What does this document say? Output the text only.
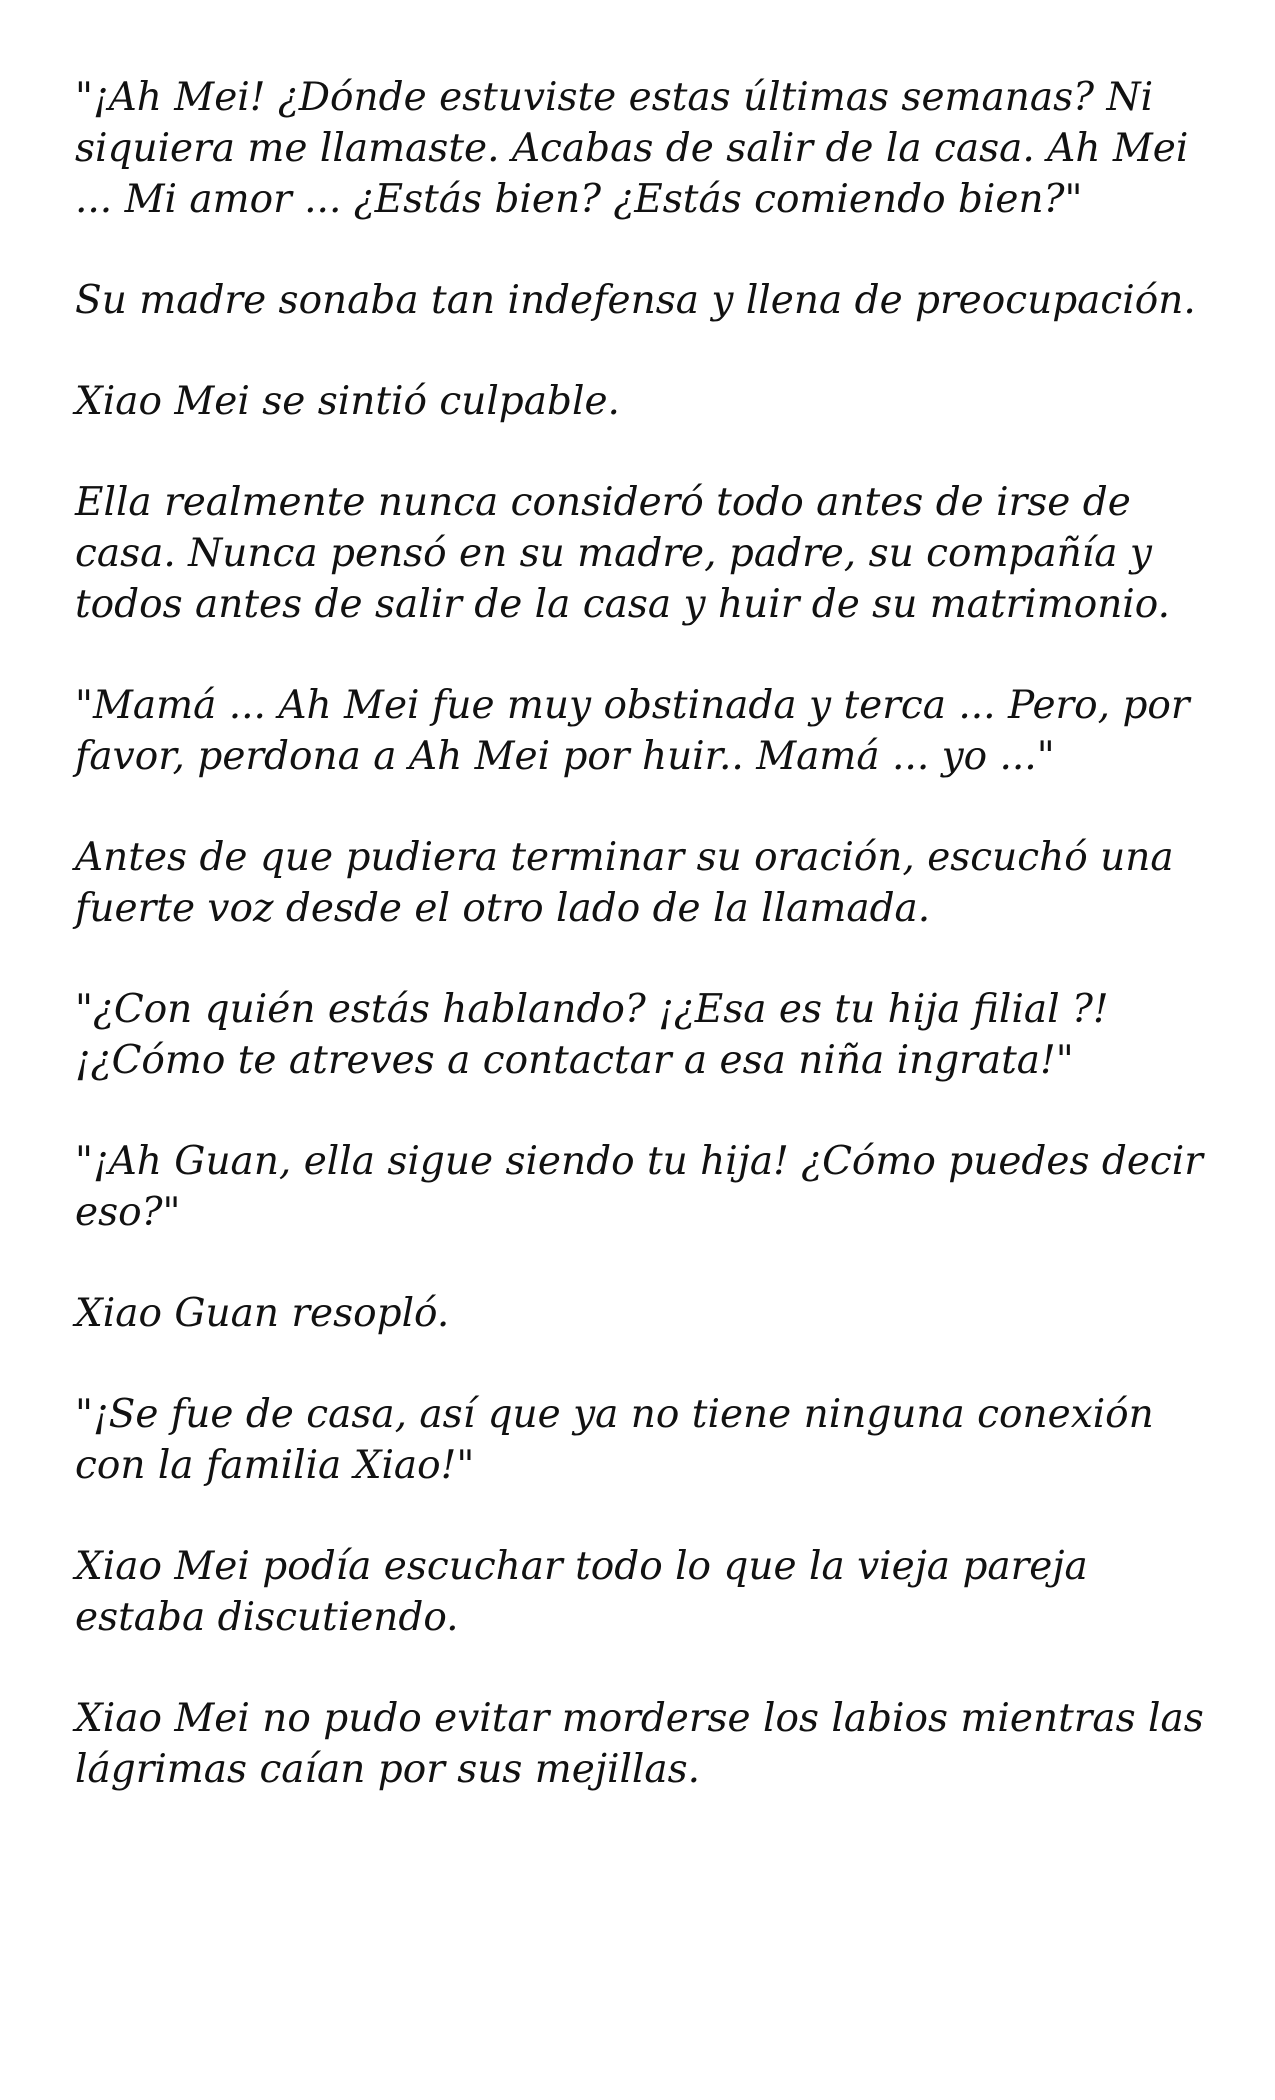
"¡Ah Mei! ¿Dónde estuviste estas últimas semanas? Ni siquiera me llamaste. Acabas de salir de la casa. Ah Mei ... Mi amor ... ¿Estás bien? ¿Estás comiendo bien?"

Su madre sonaba tan indefensa y llena de preocupación.

Xiao Mei se sintió culpable.

Ella realmente nunca consideró todo antes de irse de casa. Nunca pensó en su madre, padre, su compañía y todos antes de salir de la casa y huir de su matrimonio.

"Mamá ... Ah Mei fue muy obstinada y terca ... Pero, por favor, perdona a Ah Mei por huir.. Mamá ... yo ..."

Antes de que pudiera terminar su oración, escuchó una fuerte voz desde el otro lado de la llamada.

"¿Con quién estás hablando? ¡¿Esa es tu hija filial ?! ¡¿Cómo te atreves a contactar a esa niña ingrata!"

"¡Ah Guan, ella sigue siendo tu hija! ¿Cómo puedes decir eso?"

Xiao Guan resopló.

"¡Se fue de casa, así que ya no tiene ninguna conexión con la familia Xiao!"

Xiao Mei podía escuchar todo lo que la vieja pareja estaba discutiendo.

Xiao Mei no pudo evitar morderse los labios mientras las lágrimas caían por sus mejillas.
